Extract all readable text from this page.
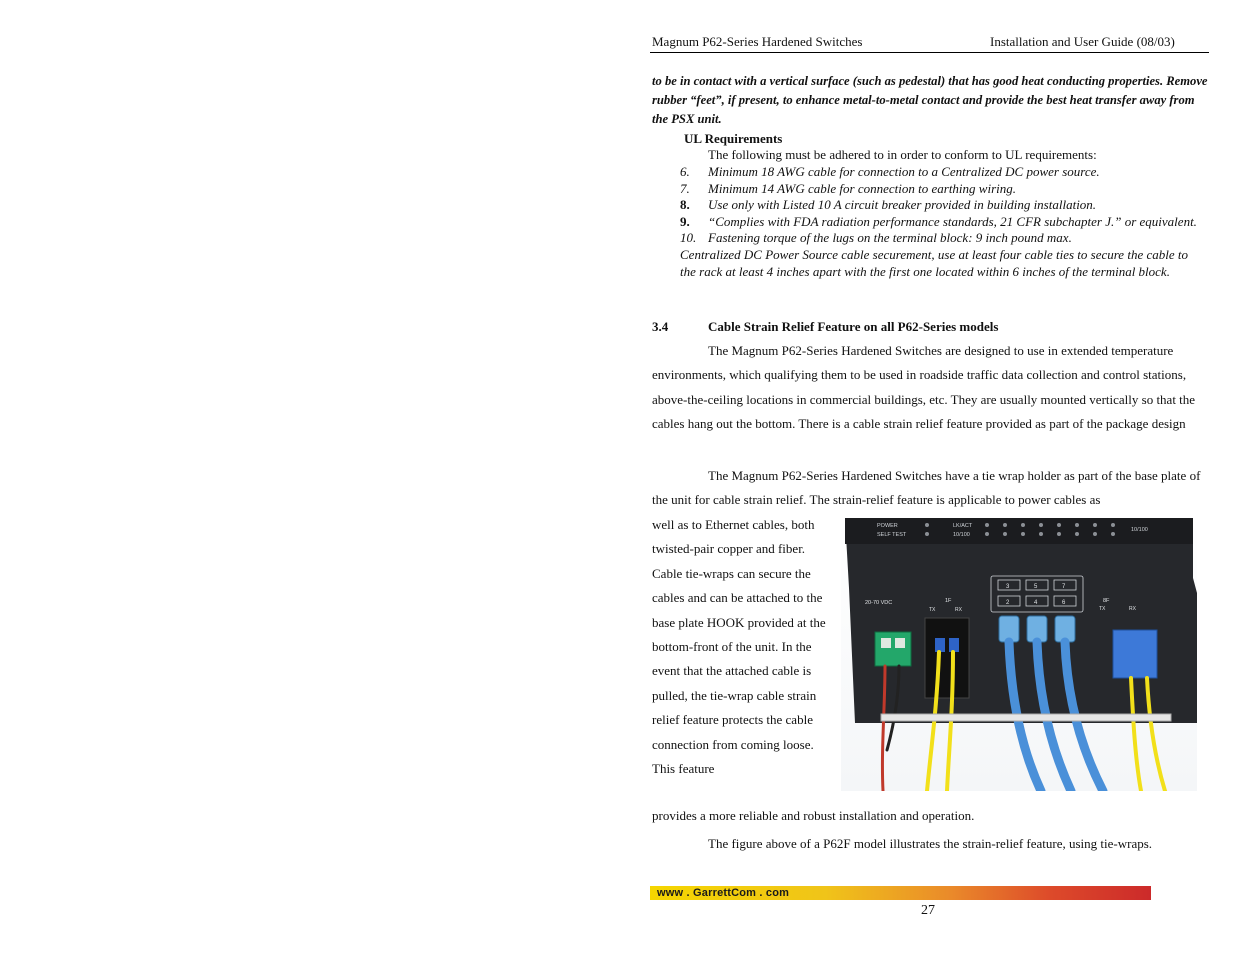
Magnum P62-Series Hardened Switches	Installation and User Guide (08/03)
to be in contact with a vertical surface (such as pedestal) that has good heat conducting properties. Remove rubber “feet”, if present, to enhance metal-to-metal contact and provide the best heat transfer away from the PSX unit.
UL Requirements
The following must be adhered to in order to conform to UL requirements:
6.	Minimum 18 AWG cable for connection to a Centralized DC power source.
7.	Minimum 14 AWG cable for connection to earthing wiring.
8.	Use only with Listed 10 A circuit breaker provided in building installation.
9.	“Complies with FDA radiation performance standards, 21 CFR subchapter J.” or equivalent.
10. Fastening torque of the lugs on the terminal block: 9 inch pound max.
Centralized DC Power Source cable securement, use at least four cable ties to secure the cable to the rack at least 4 inches apart with the first one located within 6 inches of the terminal block.
3.4	Cable Strain Relief Feature on all P62-Series models
The Magnum P62-Series Hardened Switches are designed to use in extended temperature environments, which qualifying them to be used in roadside traffic data collection and control stations, above-the-ceiling locations in commercial buildings, etc. They are usually mounted vertically so that the cables hang out the bottom. There is a cable strain relief feature provided as part of the package design
The Magnum P62-Series Hardened Switches have a tie wrap holder as part of the base plate of the unit for cable strain relief. The strain-relief feature is applicable to power cables as
well as to Ethernet cables, both twisted-pair copper and fiber. Cable tie-wraps can secure the cables and can be attached to the base plate HOOK provided at the bottom-front of the unit. In the event that the attached cable is pulled, the tie-wrap cable strain relief feature protects the cable connection from coming loose. This feature
provides a more reliable and robust installation and operation.
The figure above of a P62F model illustrates the strain-relief feature, using tie-wraps.
POWER
SELF TEST
LK/ACT
10/100
10/100
20-70 VDC	1F
TX	RX
8F
TX	RX
3	5	7
2	4	6
www . GarrettCom . com
27
